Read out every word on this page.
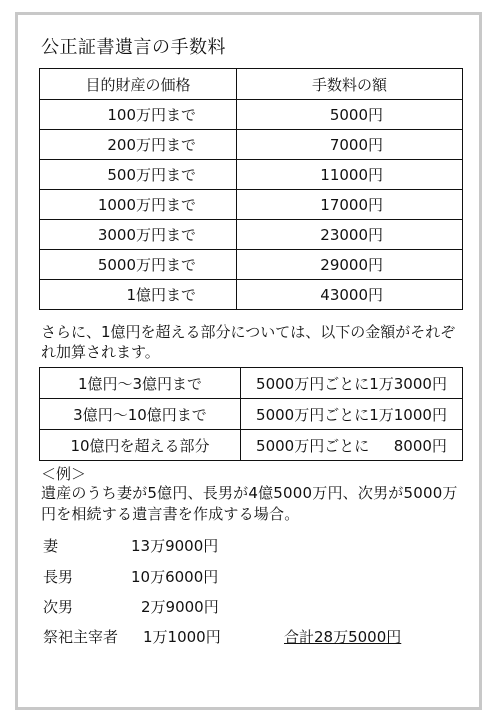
公正証書遺言の手数料
目的財産の価格	手数料の額
100万円まで	5000円
200万円まで	7000円
500万円まで	11000円
1000万円まで	17000円
3000万円まで	23000円
5000万円まで	29000円
1億円まで	43000円
さらに、1億円を超える部分については、以下の金額がそれぞれ加算されます。
1億円～3億円まで	5000万円ごとに1万3000円
3億円～10億円まで	5000万円ごとに1万1000円
10億円を超える部分	5000万円ごとに　  8000円
＜例＞
遺産のうち妻が5億円、長男が4億5000万円、次男が5000万円を相続する遺言書を作成する場合。
妻	13万9000円
長男	10万6000円
次男	2万9000円
祭祀主宰者 1万1000円	合計28万5000円
